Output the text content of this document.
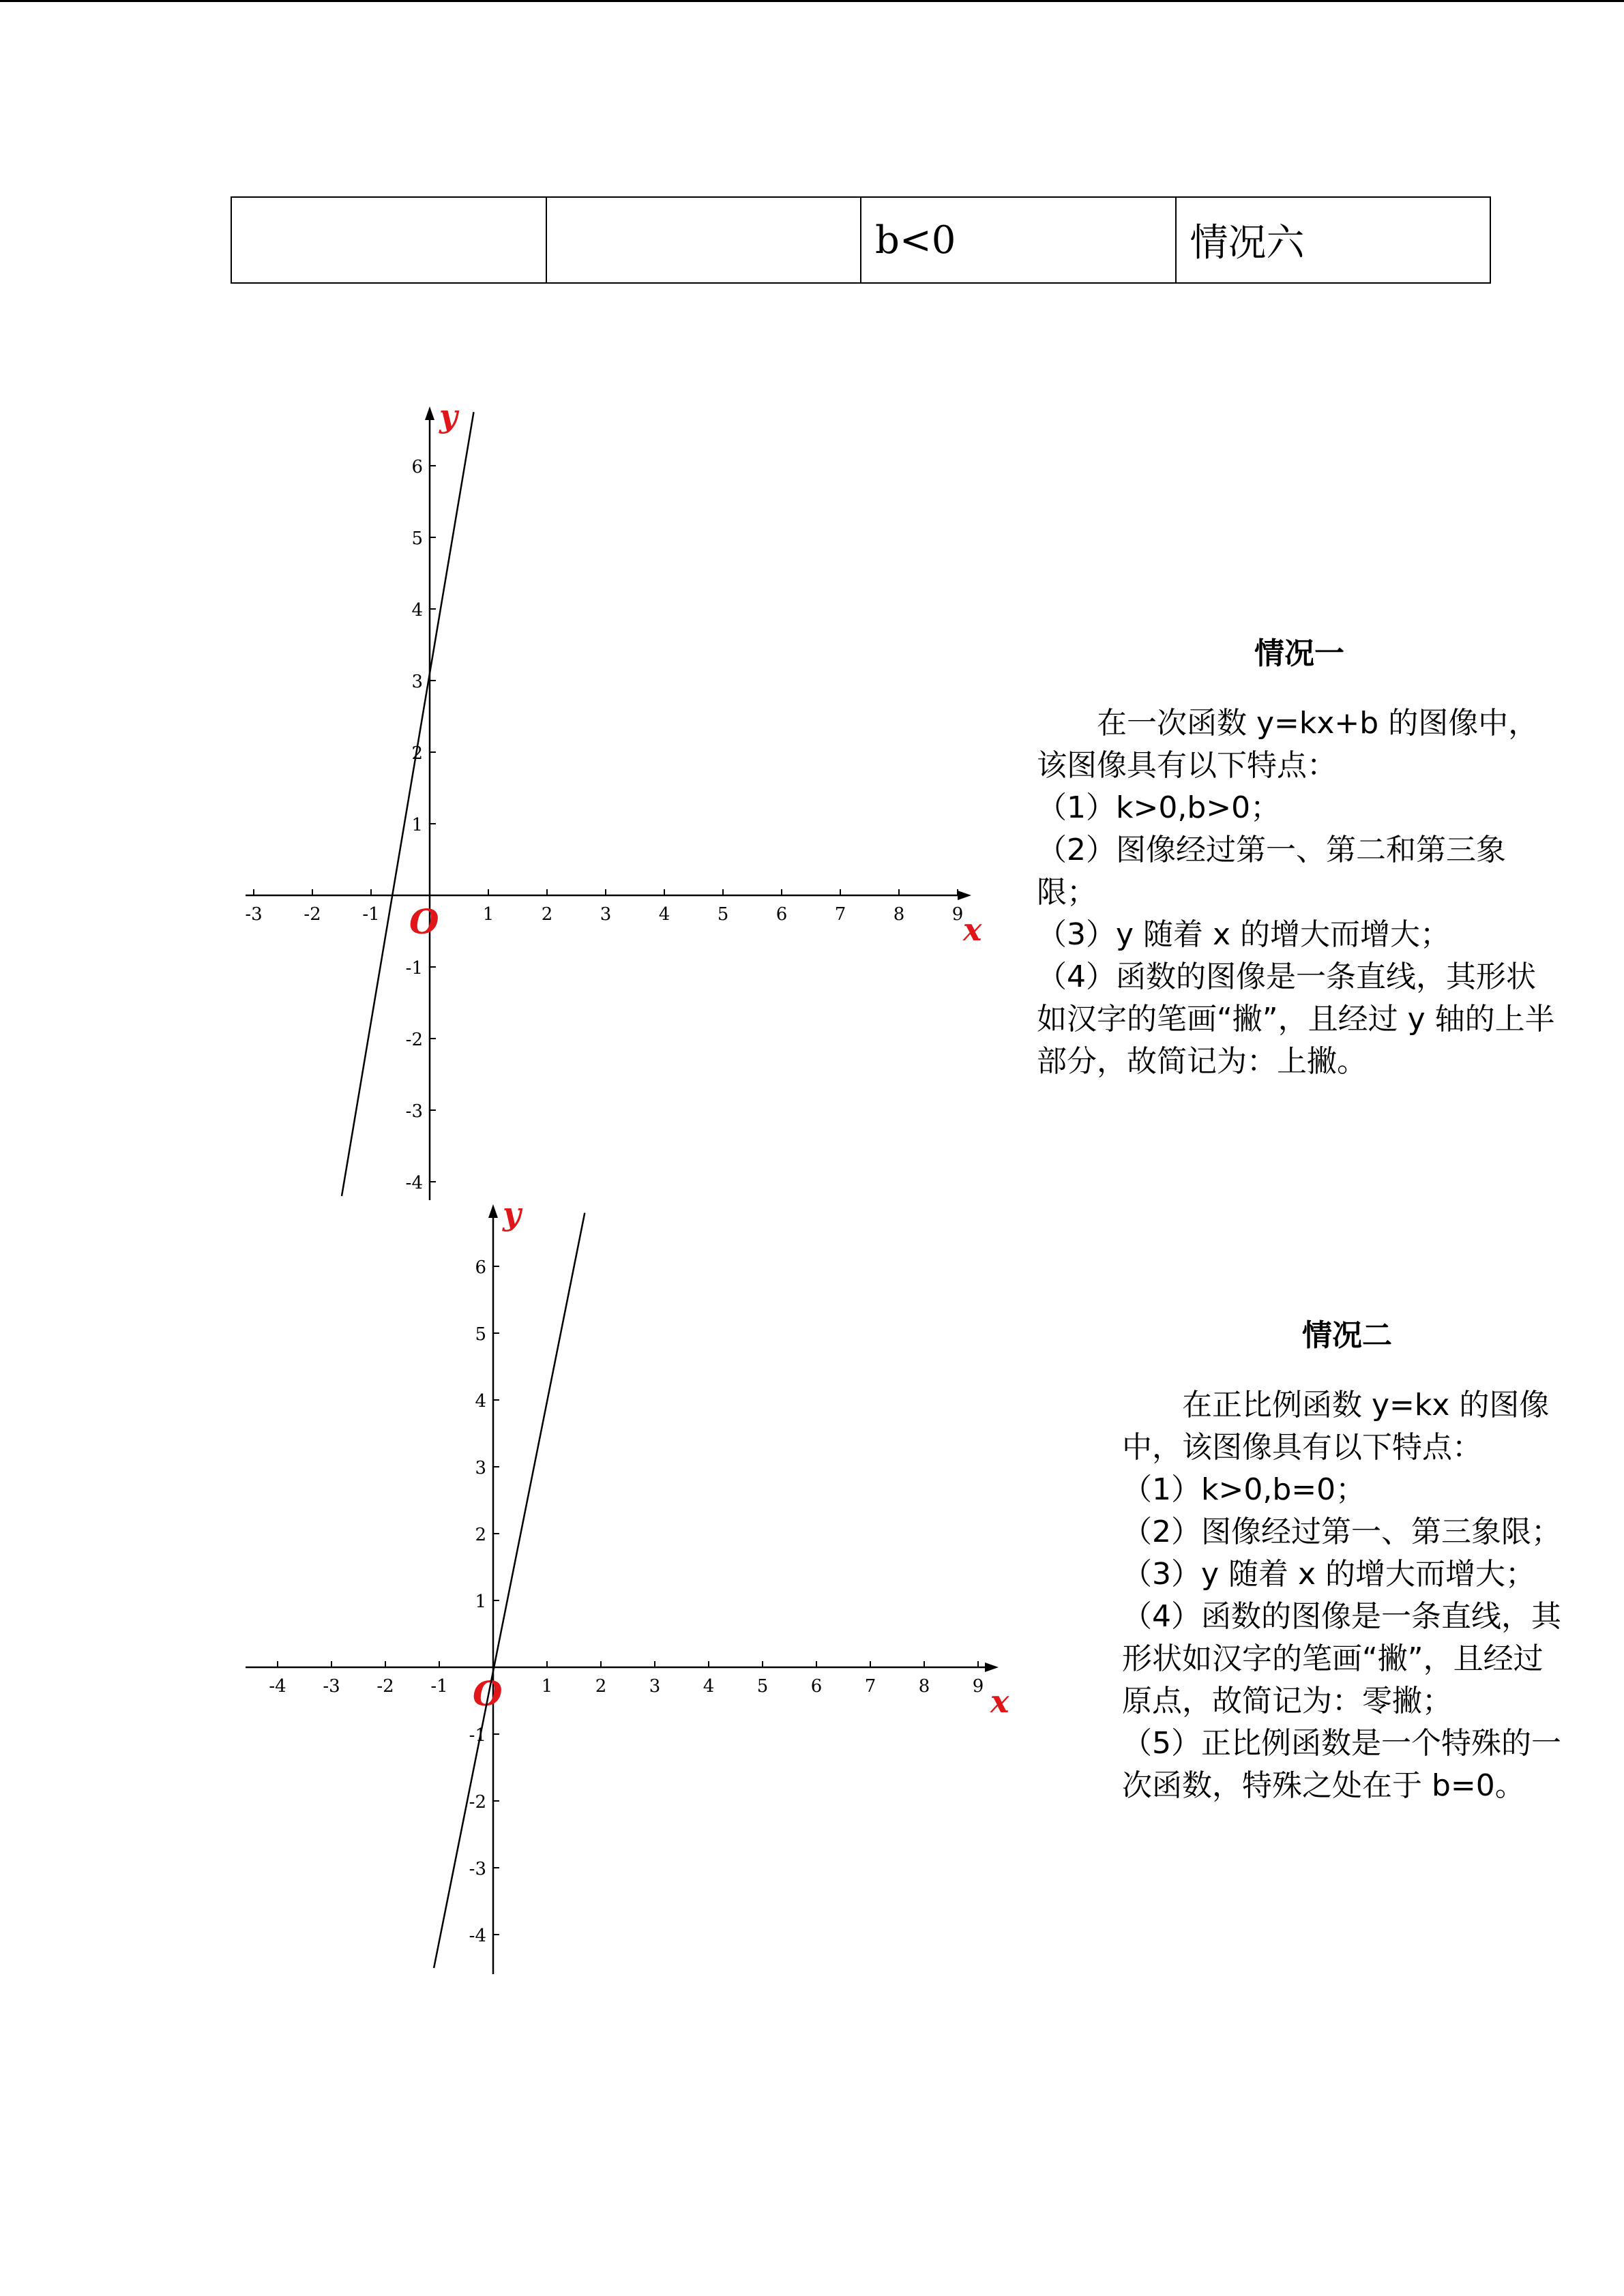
		b<0	情况六
-3 -2 -1	1	2	3	4	5	6	7	8	9
-4
-3
-2
-1
1
2
3
4
5
6
x
y
O
-4 -3 -2 -1	1 2 3 4 5 6 7 8 9
-4
-3
-2
-1
1
2
3
4
5
6
x
y
O
情况一

在一次函数 y=kx+b 的图像中，该图像具有以下特点：

（1）k>0,b>0；

（2）图像经过第一、第二和第三象限；

（3）y 随着 x 的增大而增大；

（4）函数的图像是一条直线，其形状如汉字的笔画“撇”，且经过 y 轴的上半部分，故简记为：上撇。

情况二

在正比例函数 y=kx 的图像中，该图像具有以下特点：

（1）k>0,b=0；

（2）图像经过第一、第三象限；

（3）y 随着 x 的增大而增大；

（4）函数的图像是一条直线，其形状如汉字的笔画“撇”，且经过原点，故简记为：零撇；

（5）正比例函数是一个特殊的一次函数，特殊之处在于 b=0。
